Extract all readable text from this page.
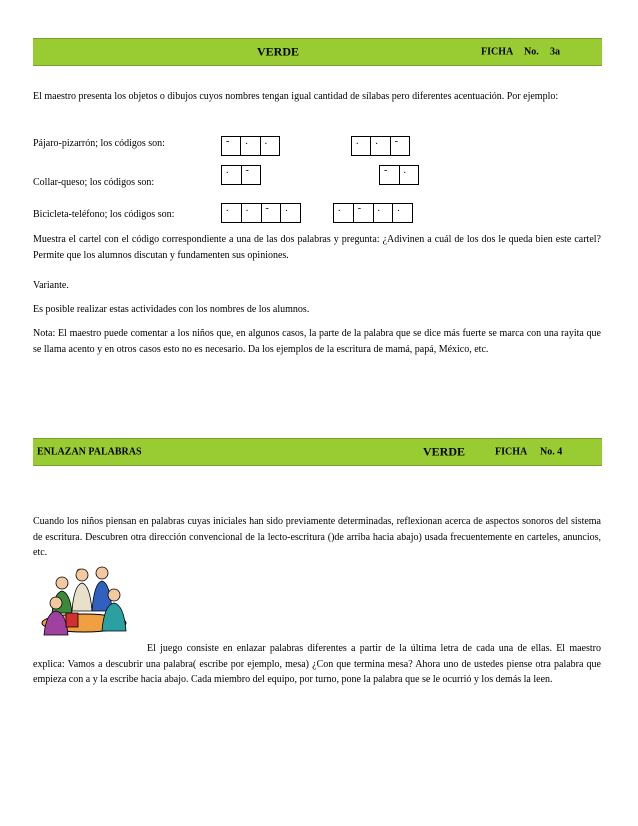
VERDE	FICHA No. 3a
El maestro presenta los objetos o dibujos cuyos nombres tengan igual cantidad de sílabas pero diferentes acentuación. Por ejemplo:
Pájaro-pizarrón; los códigos son:	-	.	.	.	.	-
Collar-queso; los códigos son:
.	-	-	.
Bicicleta-teléfono; los códigos son:
.	.	-	.	.	-	.	.
Muestra el cartel con el código correspondiente a una de las dos palabras y pregunta: ¿Adivinen a cuál de los dos le queda bien este cartel? Permite que los alumnos discutan y fundamenten sus opiniones.
Variante.
Es posible realizar estas actividades con los nombres de los alumnos.
Nota: El maestro puede comentar a los niños que, en algunos casos, la parte de la palabra que se dice más fuerte se marca con una rayita que se llama acento y en otros casos esto no es necesario. Da los ejemplos de la escritura de mamá, papá, México, etc.
ENLAZAN PALABRAS	VERDE	FICHA No. 4
Cuando los niños piensan en palabras cuyas iniciales han sido previamente determinadas, reflexionan acerca de aspectos sonoros del sistema de escritura. Descubren otra dirección convencional de la lecto-escritura ()de arriba hacia abajo) usada frecuentemente en carteles, anuncios, etc.
El juego consiste en enlazar palabras diferentes a partir de la última letra de cada una de ellas. El maestro explica: Vamos a descubrir una palabra( escribe por ejemplo, mesa) ¿Con que termina mesa? Ahora uno de ustedes piense otra palabra que empieza con a y la escribe hacia abajo. Cada miembro del equipo, por turno, pone la palabra que se le ocurrió y los demás la leen.
